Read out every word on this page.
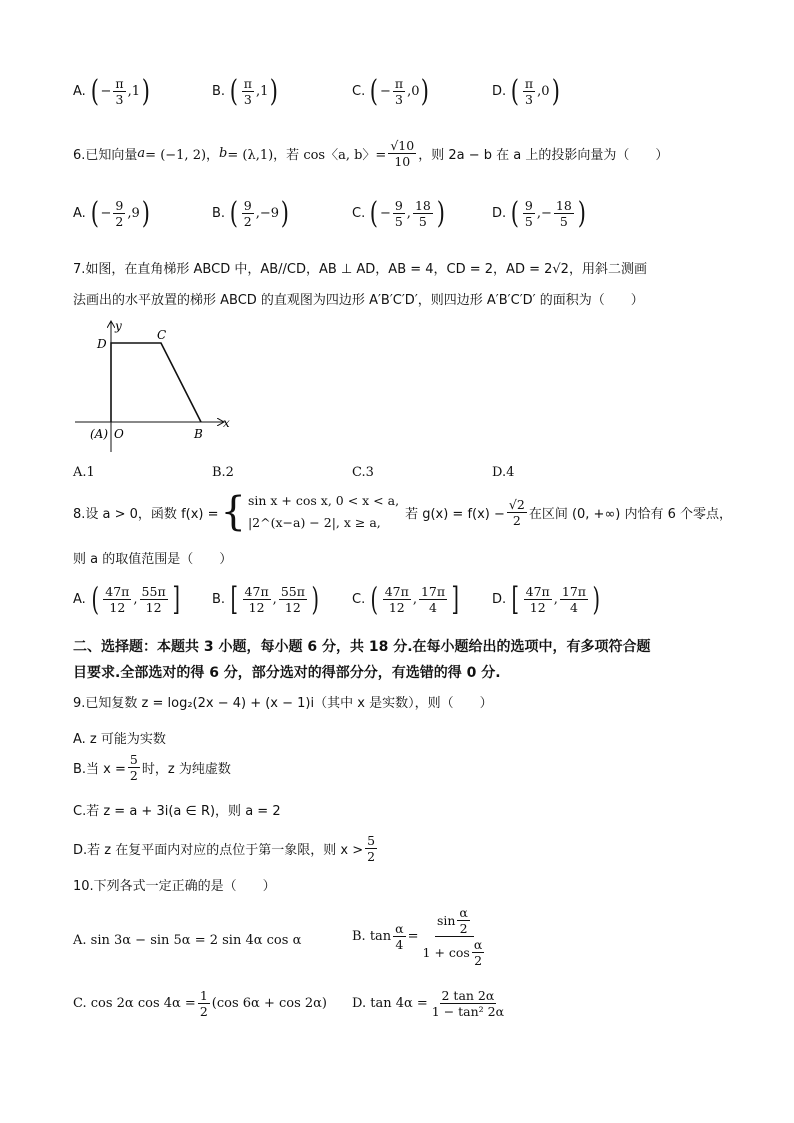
A. ( − $\frac{\pi}{3} ,1$ )	B. ( $\frac{\pi}{3} ,1$ )	C. ( − $\frac{\pi}{3} ,0$ )	D. ( $\frac{\pi}{3} ,0$ )
6.已知向量 a = (−1, 2)， b = (λ,1)，若 cos〈a, b〉= $\frac{√10}{10}$ ，则 2a − b 在 a 上的投影向量为（　　）
A. ( − $\frac{9}{2} ,9$ )	B. ( $\frac{9}{2} ,-9$ )	C. ( − $\frac{9}{5}$ , $\frac{18}{5}$ )	D. ( $\frac{9}{5}$ , − $\frac{18}{5}$ )
7.如图，在直角梯形 ABCD 中，AB//CD，AB ⊥ AD，AB = 4，CD = 2，AD = 2√2，用斜二测画
法画出的水平放置的梯形 ABCD 的直观图为四边形 A′B′C′D′，则四边形 A′B′C′D′ 的面积为（　　）
y
x
C
D
(A) O	B
A.1	B.2	C.3	D.4
8.设 a > 0，函数 f(x) = { sin x + cos x, 0 < x < a,
|2^(x−a) − 2|, x ≥ a,
若 $g(x) = f(x) - \frac{√2}{2}$ 在区间 (0, +∞) 内恰有 6 个零点，
则 a 的取值范围是（　　）
A. ( $\frac{47\pi}{12}$ , $\frac{55\pi}{12}$ ] B. [ $\frac{47\pi}{12}$ , $\frac{55\pi}{12}$ )	C. ( $\frac{47\pi}{12}$ , $\frac{17\pi}{4}$ ]	D. [ $\frac{47\pi}{12}$ , $\frac{17\pi}{4}$ )
二、选择题：本题共 3 小题，每小题 6 分，共 18 分.在每小题给出的选项中，有多项符合题
目要求.全部选对的得 6 分，部分选对的得部分分，有选错的得 0 分.
9.已知复数 z = log₂(2x − 4) + (x − 1)i（其中 x 是实数），则（　　）
A. z 可能为实数
B.当 $x = \frac{5}{2}$ 时，z 为纯虚数
C.若 z = a + 3i(a ∈ R)，则 a = 2
D.若 z 在复平面内对应的点位于第一象限，则 $x > \frac{5}{2}$
10.下列各式一定正确的是（　　）
A. sin 3α − sin 5α = 2 sin 4α cos α	B. $\tan \frac{\alpha}{4} = \frac{\sin \frac{\alpha}{2}}{1 + \cos \frac{\alpha}{2}}$
C. cos 2α $\cos 4\alpha = \frac{1}{2} (\cos$ 6α + cos 2α) D. $\tan 4\alpha = \frac{2 \tan 2\alpha}{\text{1 − tan² 2α}}$
